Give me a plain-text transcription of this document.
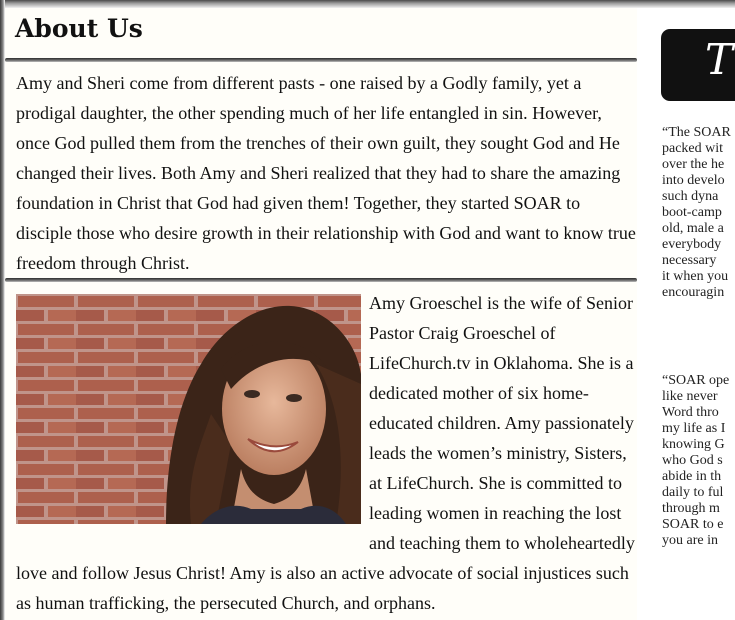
About Us

Amy and Sheri come from different pasts - one raised by a Godly family, yet a prodigal daughter, the other spending much of her life entangled in sin. However, once God pulled them from the trenches of their own guilt, they sought God and He changed their lives. Both Amy and Sheri realized that they had to share the amazing foundation in Christ that God had given them! Together, they started SOAR to disciple those who desire growth in their relationship with God and want to know true freedom through Christ.

Amy Groeschel is the wife of Senior Pastor Craig Groeschel of LifeChurch.tv in Oklahoma. She is a dedicated mother of six home-educated children. Amy passionately leads the women’s ministry, Sisters, at LifeChurch. She is committed to leading women in reaching the lost and teaching them to wholeheartedly love and follow Jesus Christ! Amy is also an active advocate of social injustices such as human trafficking, the persecuted Church, and orphans.

T
“The SOAR
packed wit
over the he
into develo
such dyna
boot-camp
old, male a
everybody
necessary
it when you
encouragin
“SOAR ope
like never
Word thro
my life as I
knowing G
who God s
abide in th
daily to ful
through m
SOAR to e
you are in
